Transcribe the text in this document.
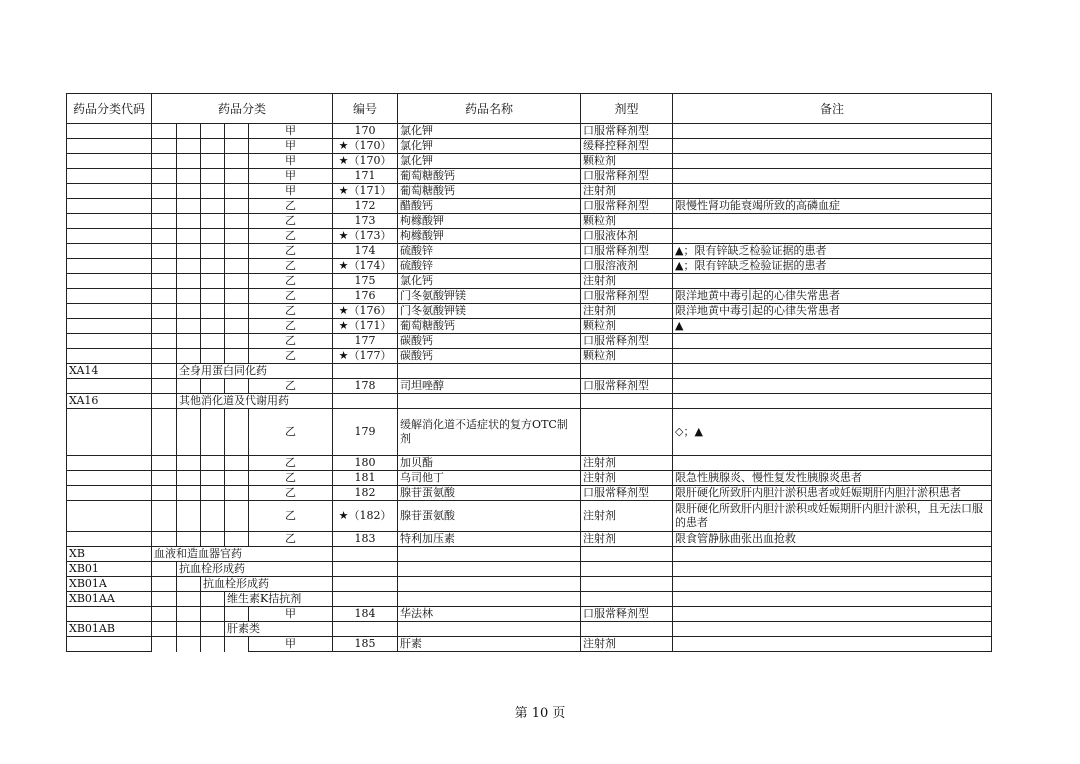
药品分类代码	药品分类					编号	药品名称	剂型	备注
					甲	170	氯化钾	口服常释剂型	
					甲	★（170）	氯化钾	缓释控释剂型	
					甲	★（170）	氯化钾	颗粒剂	
					甲	171	葡萄糖酸钙	口服常释剂型	
					甲	★（171）	葡萄糖酸钙	注射剂	
					乙	172	醋酸钙	口服常释剂型	限慢性肾功能衰竭所致的高磷血症
					乙	173	枸橼酸钾	颗粒剂	
					乙	★（173）	枸橼酸钾	口服液体剂	
					乙	174	硫酸锌	口服常释剂型	▲；限有锌缺乏检验证据的患者
					乙	★（174）	硫酸锌	口服溶液剂	▲；限有锌缺乏检验证据的患者
					乙	175	氯化钙	注射剂	
					乙	176	门冬氨酸钾镁	口服常释剂型	限洋地黄中毒引起的心律失常患者
					乙	★（176）	门冬氨酸钾镁	注射剂	限洋地黄中毒引起的心律失常患者
					乙	★（171）	葡萄糖酸钙	颗粒剂	▲
					乙	177	碳酸钙	口服常释剂型	
					乙	★（177）	碳酸钙	颗粒剂	
XA14		全身用蛋白同化药							
					乙	178	司坦唑醇	口服常释剂型	
XA16		其他消化道及代谢用药							
					乙	179	缓解消化道不适症状的复方OTC制剂		◇；▲
					乙	180	加贝酯	注射剂	
					乙	181	乌司他丁	注射剂	限急性胰腺炎、慢性复发性胰腺炎患者
					乙	182	腺苷蛋氨酸	口服常释剂型	限肝硬化所致肝内胆汁淤积患者或妊娠期肝内胆汁淤积患者
					乙	★（182）	腺苷蛋氨酸	注射剂	限肝硬化所致肝内胆汁淤积或妊娠期肝内胆汁淤积，且无法口服的患者
					乙	183	特利加压素	注射剂	限食管静脉曲张出血抢救
XB	血液和造血器官药								
XB01		抗血栓形成药							
XB01A			抗血栓形成药						
XB01AA				维生素K拮抗剂					
					甲	184	华法林	口服常释剂型	
XB01AB				肝素类					
					甲	185	肝素	注射剂	
第 10 页
